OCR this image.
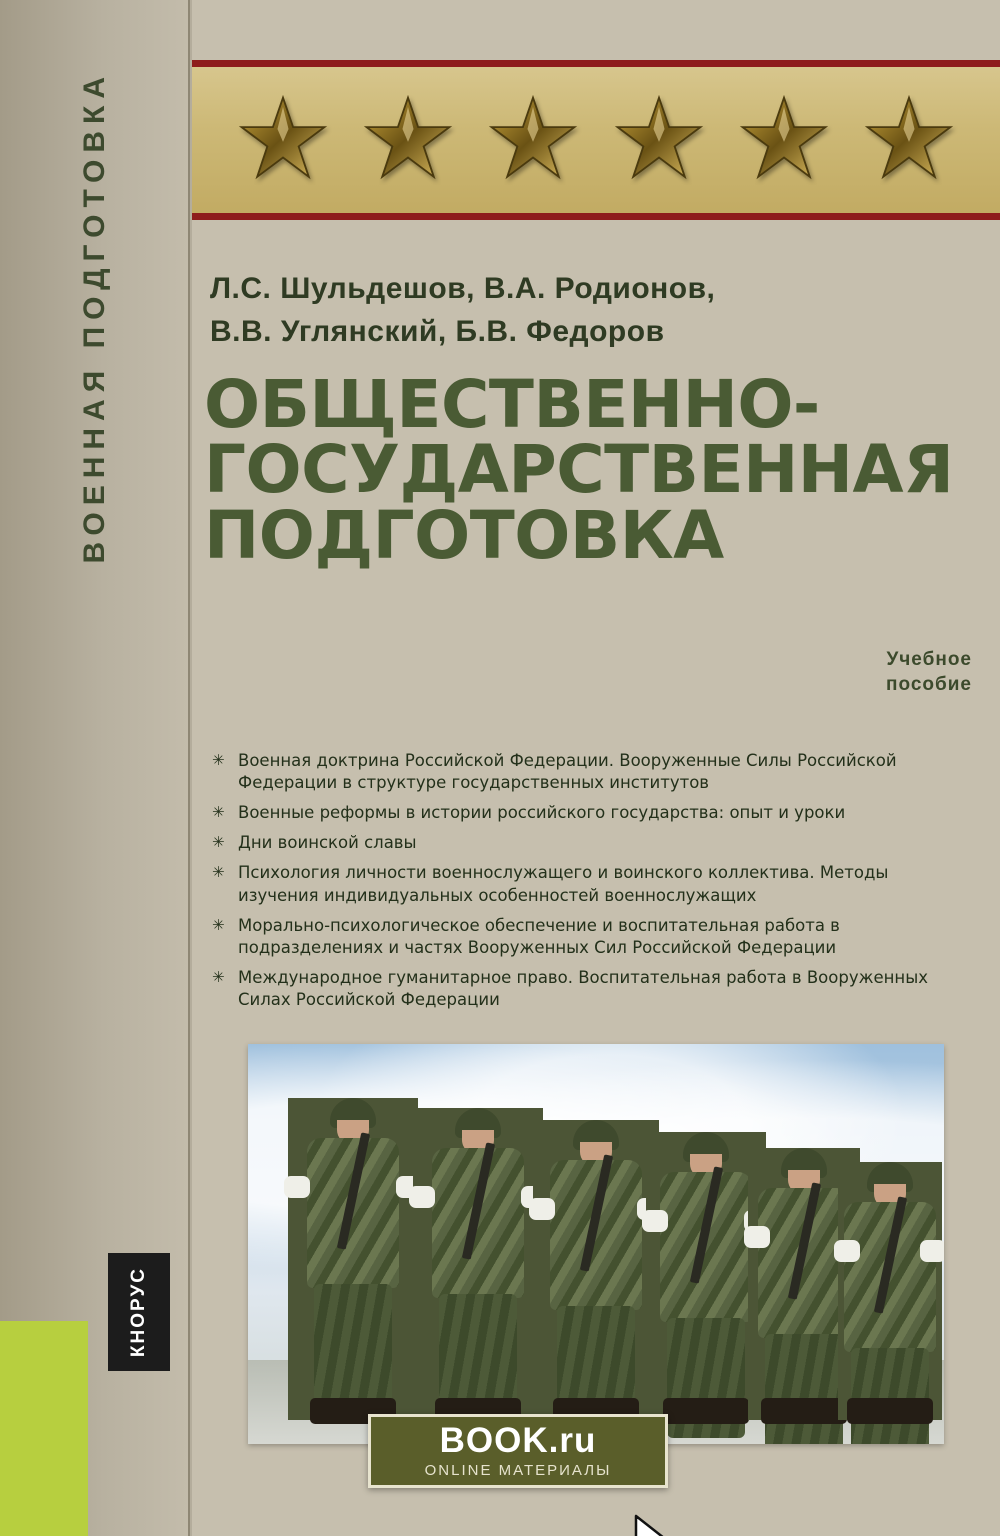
ВОЕННАЯ ПОДГОТОВКА
КНОРУС
Л.С. Шульдешов, В.А. Родионов,
В.В. Углянский, Б.В. Федоров
ОБЩЕСТВЕННО-
ГОСУДАРСТВЕННАЯ
ПОДГОТОВКА
Учебное
пособие
✳ Военная доктрина Российской Федерации. Вооруженные Силы Российской Федерации в структуре государственных институтов
✳ Военные реформы в истории российского государства: опыт и уроки
✳ Дни воинской славы
✳ Психология личности военнослужащего и воинского коллектива. Методы изучения индивидуальных особенностей военнослужащих
✳ Морально-психологическое обеспечение и воспитательная работа в подразделениях и частях Вооруженных Сил Российской Федерации
✳ Международное гуманитарное право. Воспитательная работа в Вооруженных Силах Российской Федерации
BOOK.ru
ONLINE МАТЕРИАЛЫ
